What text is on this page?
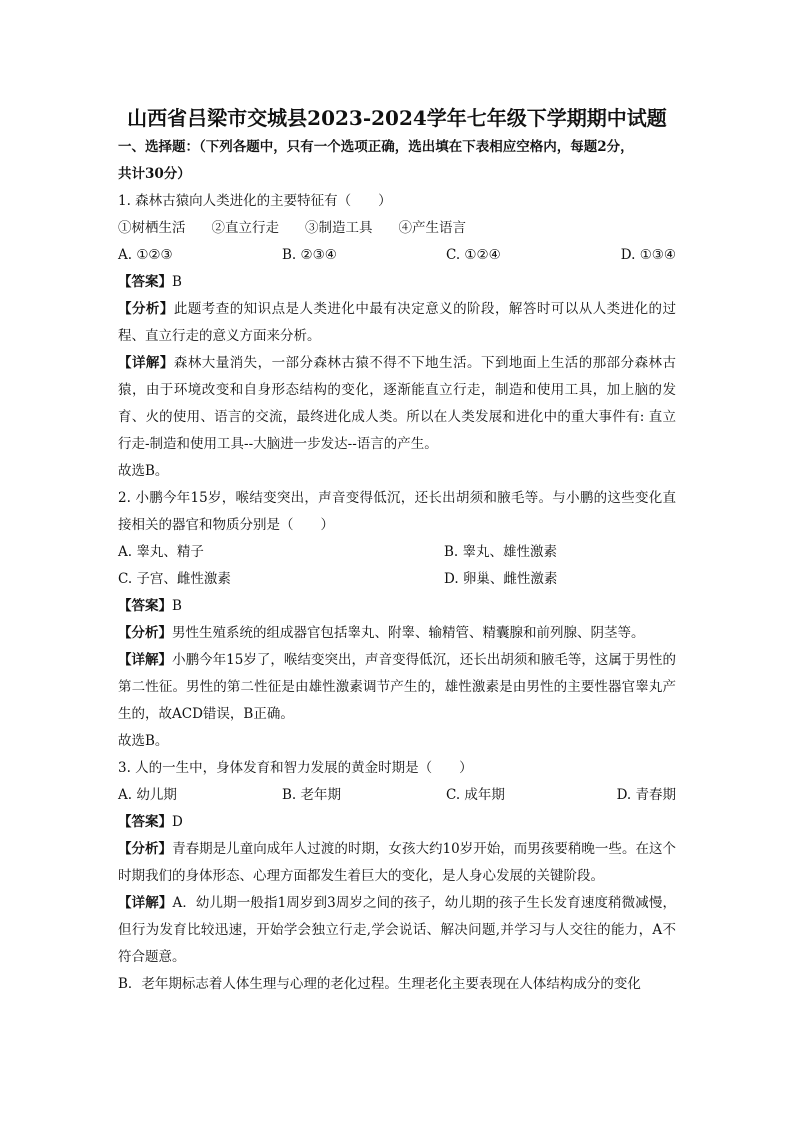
山西省吕梁市交城县2023-2024学年七年级下学期期中试题
一、选择题：（下列各题中，只有一个选项正确，选出填在下表相应空格内，每题2分，
共计30分）
1. 森林古猿向人类进化的主要特征有（　　）
①树栖生活 ②直立行走 ③制造工具 ④产生语言
A. ①②③	B. ②③④	C. ①②④	D. ①③④
【答案】B
【分析】此题考查的知识点是人类进化中最有决定意义的阶段，解答时可以从人类进化的过程、直立行走的意义方面来分析。
【详解】森林大量消失，一部分森林古猿不得不下地生活。下到地面上生活的那部分森林古猿，由于环境改变和自身形态结构的变化，逐渐能直立行走，制造和使用工具，加上脑的发育、火的使用、语言的交流，最终进化成人类。所以在人类发展和进化中的重大事件有: 直立行走-制造和使用工具--大脑进一步发达--语言的产生。
故选B。
2. 小鹏今年15岁，喉结变突出，声音变得低沉，还长出胡须和腋毛等。与小鹏的这些变化直接相关的器官和物质分别是（　　）
A. 睾丸、精子	B. 睾丸、雄性激素
C. 子宫、雌性激素	D. 卵巢、雌性激素
【答案】B
【分析】男性生殖系统的组成器官包括睾丸、附睾、输精管、精囊腺和前列腺、阴茎等。
【详解】小鹏今年15岁了，喉结变突出，声音变得低沉，还长出胡须和腋毛等，这属于男性的第二性征。男性的第二性征是由雄性激素调节产生的，雄性激素是由男性的主要性器官睾丸产生的，故ACD错误，B正确。
故选B。
3. 人的一生中，身体发育和智力发展的黄金时期是（　　）
A. 幼儿期	B. 老年期	C. 成年期	D. 青春期
【答案】D
【分析】青春期是儿童向成年人过渡的时期，女孩大约10岁开始，而男孩要稍晚一些。在这个时期我们的身体形态、心理方面都发生着巨大的变化，是人身心发展的关键阶段。
【详解】A．幼儿期一般指1周岁到3周岁之间的孩子，幼儿期的孩子生长发育速度稍微减慢，但行为发育比较迅速，开始学会独立行走,学会说话、解决问题,并学习与人交往的能力，A不符合题意。
B．老年期标志着人体生理与心理的老化过程。生理老化主要表现在人体结构成分的变化
